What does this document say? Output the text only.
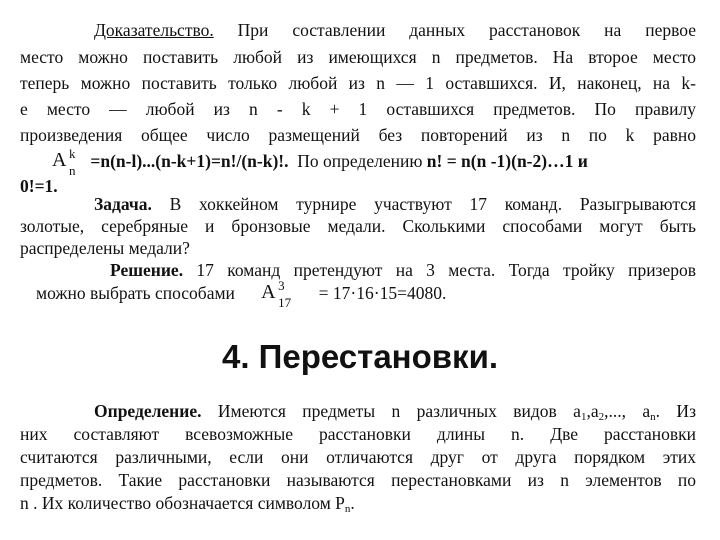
Доказательство. При составлении данных расстановок на первое
место можно поставить любой из имеющихся n предметов. На второе место
теперь можно поставить только любой из n — 1 оставшихся. И, наконец, на k-
е место — любой из n - k + 1 оставшихся предметов. По правилу
произведения общее число размещений без повторений из n по k равно
A k
n =n(n-l)...(n-k+1)=n!/(n-k)!. По определению n! = n(n -1)(n-2)…1 и
0!=1.
Задача. В хоккейном турнире участвуют 17 команд. Разыгрываются
золотые, серебряные и бронзовые медали. Сколькими способами могут быть
распределены медали?
Решение. 17 команд претендуют на 3 места. Тогда тройку призеров
можно выбрать способами A 3
17 = 17·16·15=4080.
4. Перестановки.
Определение. Имеются предметы n различных видов $a_1,a_2$,..., $a_n$. Из
них составляют всевозможные расстановки длины n. Две расстановки
считаются различными, если они отличаются друг от друга порядком этих
предметов. Такие расстановки называются перестановками из n элементов по
n . Их количество обозначается символом $P_n$.
